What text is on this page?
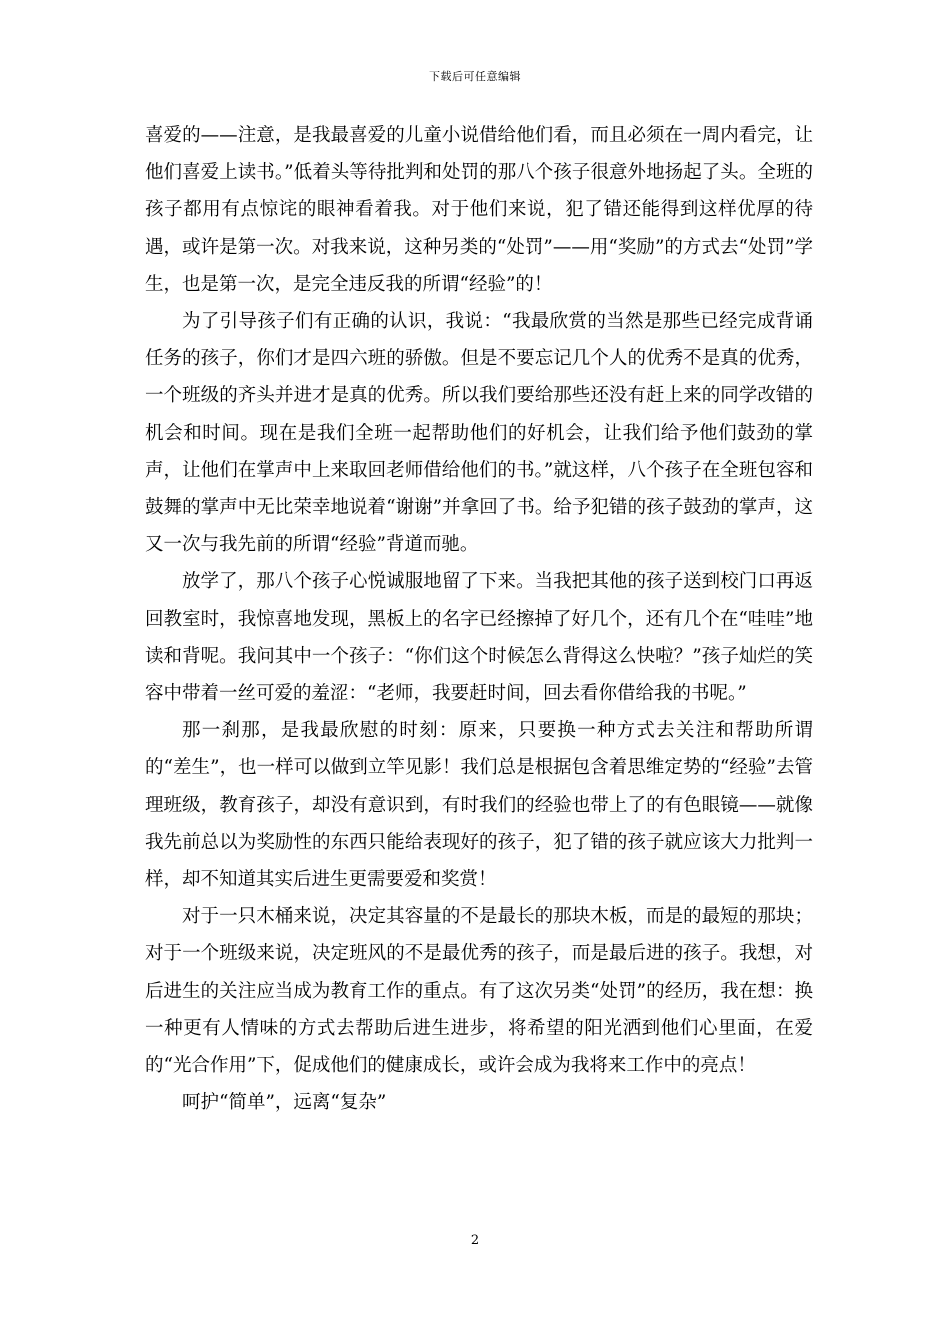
下载后可任意编辑

喜爱的——注意，是我最喜爱的儿童小说借给他们看，而且必须在一周内看完，让他们喜爱上读书。”低着头等待批判和处罚的那八个孩子很意外地扬起了头。全班的孩子都用有点惊诧的眼神看着我。对于他们来说，犯了错还能得到这样优厚的待遇，或许是第一次。对我来说，这种另类的“处罚”——用“奖励”的方式去“处罚”学生，也是第一次，是完全违反我的所谓“经验”的！

为了引导孩子们有正确的认识，我说：“我最欣赏的当然是那些已经完成背诵任务的孩子，你们才是四六班的骄傲。但是不要忘记几个人的优秀不是真的优秀，一个班级的齐头并进才是真的优秀。所以我们要给那些还没有赶上来的同学改错的机会和时间。现在是我们全班一起帮助他们的好机会，让我们给予他们鼓劲的掌声，让他们在掌声中上来取回老师借给他们的书。”就这样，八个孩子在全班包容和鼓舞的掌声中无比荣幸地说着“谢谢”并拿回了书。给予犯错的孩子鼓劲的掌声，这又一次与我先前的所谓“经验”背道而驰。

放学了，那八个孩子心悦诚服地留了下来。当我把其他的孩子送到校门口再返回教室时，我惊喜地发现，黑板上的名字已经擦掉了好几个，还有几个在“哇哇”地读和背呢。我问其中一个孩子：“你们这个时候怎么背得这么快啦？”孩子灿烂的笑容中带着一丝可爱的羞涩：“老师，我要赶时间，回去看你借给我的书呢。”

那一刹那，是我最欣慰的时刻：原来，只要换一种方式去关注和帮助所谓的“差生”，也一样可以做到立竿见影！我们总是根据包含着思维定势的“经验”去管理班级，教育孩子，却没有意识到，有时我们的经验也带上了的有色眼镜——就像我先前总以为奖励性的东西只能给表现好的孩子，犯了错的孩子就应该大力批判一样，却不知道其实后进生更需要爱和奖赏！

对于一只木桶来说，决定其容量的不是最长的那块木板，而是的最短的那块；对于一个班级来说，决定班风的不是最优秀的孩子，而是最后进的孩子。我想，对后进生的关注应当成为教育工作的重点。有了这次另类“处罚”的经历，我在想：换一种更有人情味的方式去帮助后进生进步，将希望的阳光洒到他们心里面，在爱的“光合作用”下，促成他们的健康成长，或许会成为我将来工作中的亮点！

呵护“简单”，远离“复杂”

2
